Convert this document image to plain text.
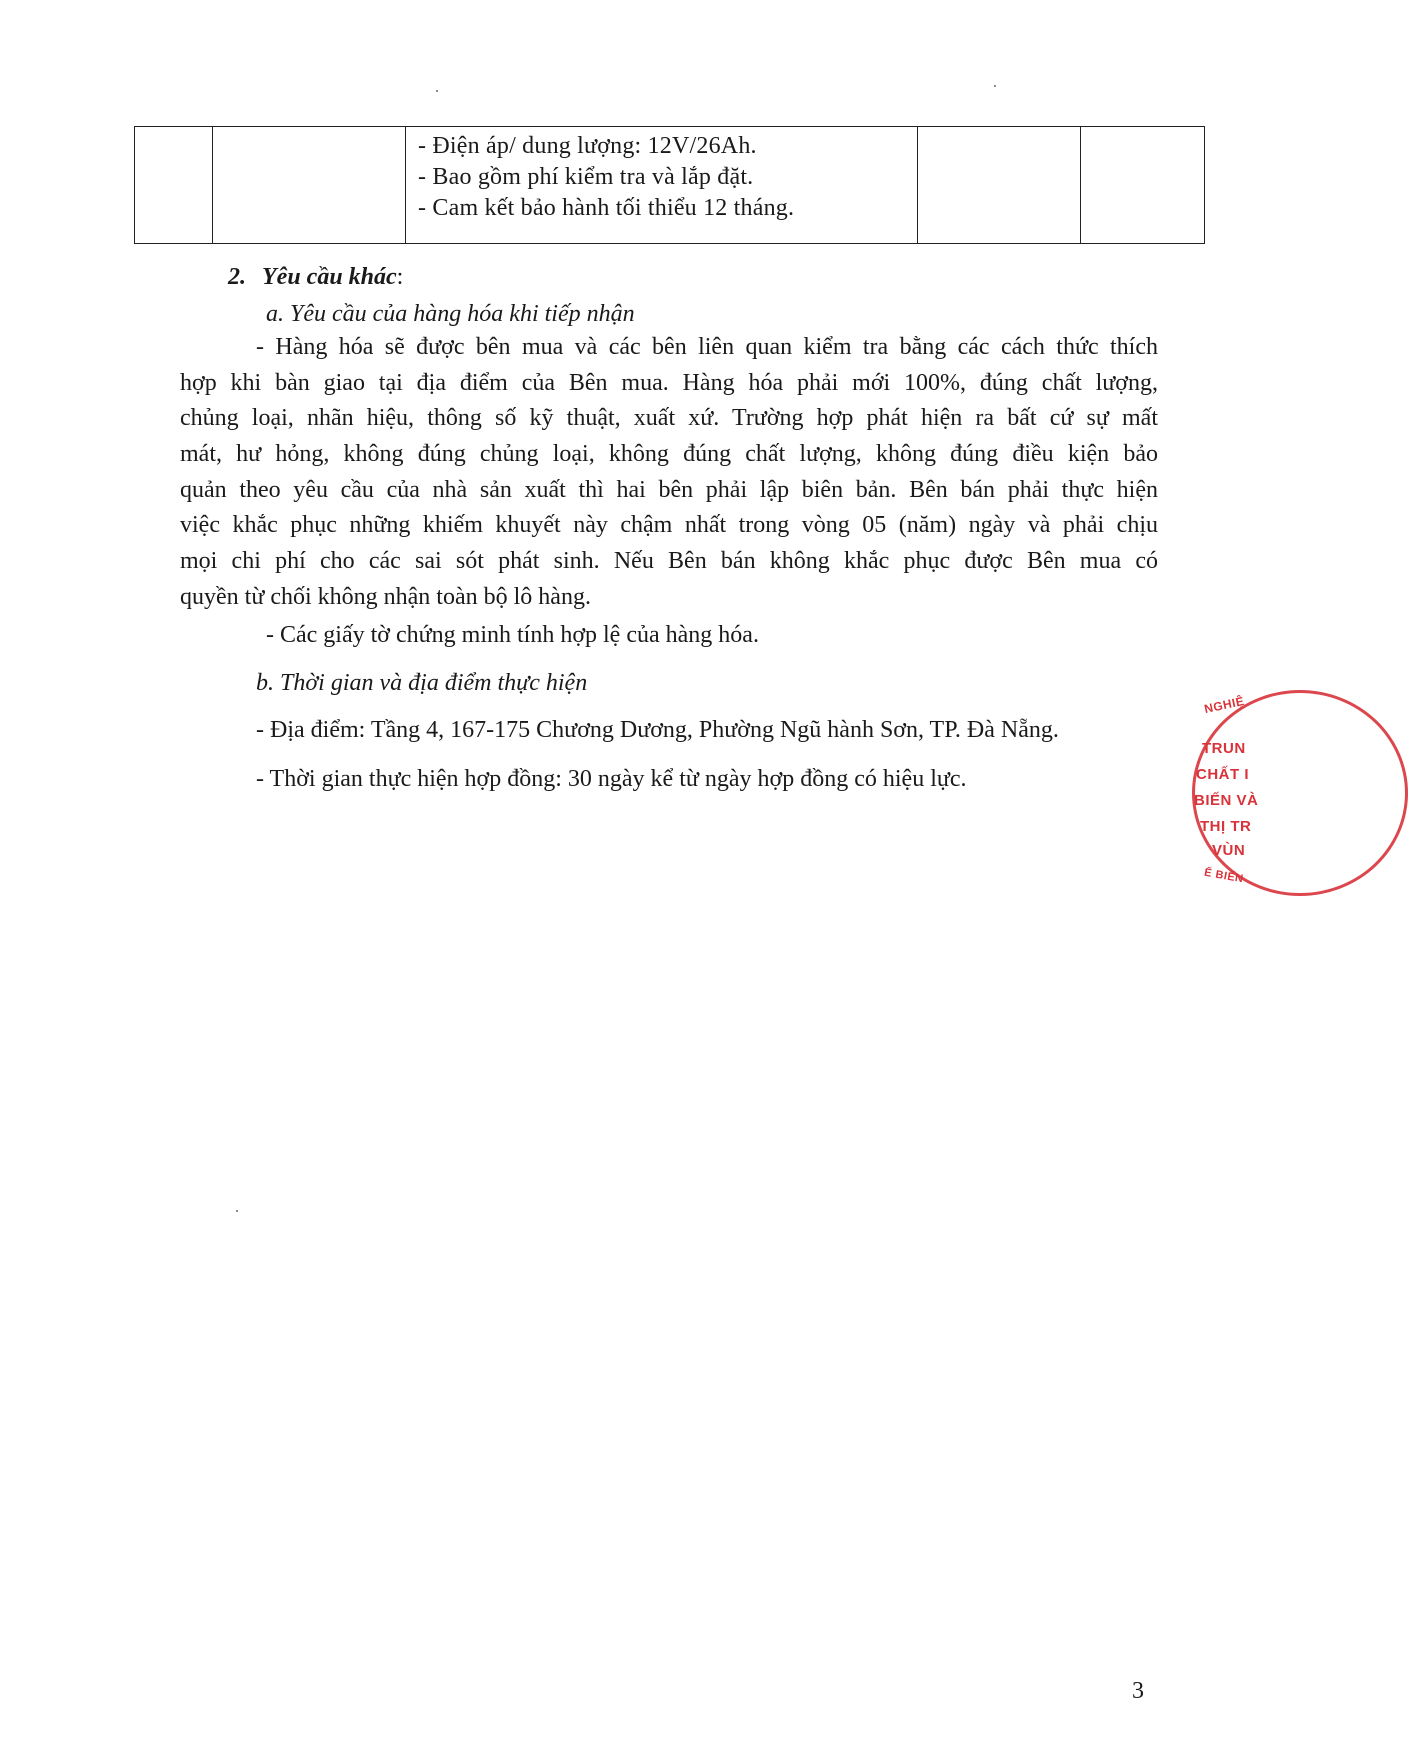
- Điện áp/ dung lượng: 12V/26Ah.
- Bao gồm phí kiểm tra và lắp đặt.
- Cam kết bảo hành tối thiểu 12 tháng.

2. Yêu cầu khác:
a. Yêu cầu của hàng hóa khi tiếp nhận
- Hàng hóa sẽ được bên mua và các bên liên quan kiểm tra bằng các cách thức thích
hợp khi bàn giao tại địa điểm của Bên mua. Hàng hóa phải mới 100%, đúng chất lượng,
chủng loại, nhãn hiệu, thông số kỹ thuật, xuất xứ. Trường hợp phát hiện ra bất cứ sự mất
mát, hư hỏng, không đúng chủng loại, không đúng chất lượng, không đúng điều kiện bảo
quản theo yêu cầu của nhà sản xuất thì hai bên phải lập biên bản. Bên bán phải thực hiện
việc khắc phục những khiếm khuyết này chậm nhất trong vòng 05 (năm) ngày và phải chịu
mọi chi phí cho các sai sót phát sinh. Nếu Bên bán không khắc phục được Bên mua có
quyền từ chối không nhận toàn bộ lô hàng.
- Các giấy tờ chứng minh tính hợp lệ của hàng hóa.
b. Thời gian và địa điểm thực hiện
- Địa điểm: Tầng 4, 167-175 Chương Dương, Phường Ngũ hành Sơn, TP. Đà Nẵng.
- Thời gian thực hiện hợp đồng: 30 ngày kể từ ngày hợp đồng có hiệu lực.
NGHIỆ
TRUN
CHẤT I
BIẾN VÀ
THỊ TR
VÙN
Ế BIẾN
3
